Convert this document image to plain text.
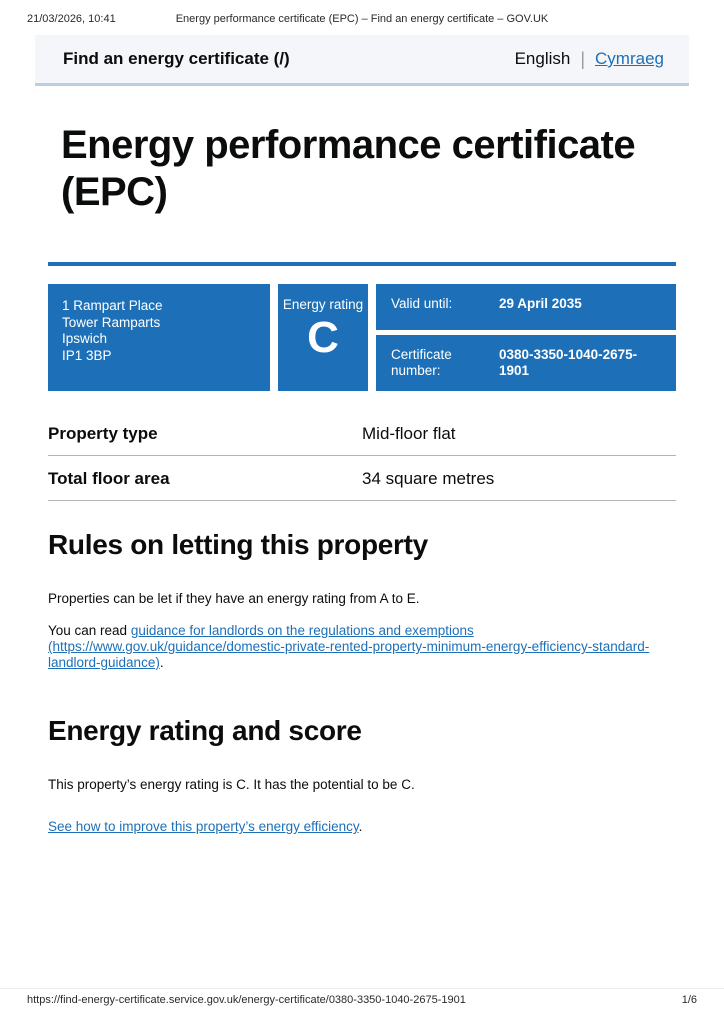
21/03/2026, 10:41	Energy performance certificate (EPC) – Find an energy certificate – GOV.UK
Find an energy certificate (/)	English | Cymraeg
Energy performance certificate (EPC)
1 Rampart Place
Tower Ramparts
Ipswich
IP1 3BP
Energy rating
C
Valid until:	29 April 2035
Certificate number:
0380-3350-1040-2675-1901
Property type	Mid-floor flat
Total floor area	34 square metres
Rules on letting this property

Properties can be let if they have an energy rating from A to E.

You can read guidance for landlords on the regulations and exemptions (https://www.gov.uk/guidance/domestic-private-rented-property-minimum-energy-efficiency-standard-landlord-guidance).

Energy rating and score

This property’s energy rating is C. It has the potential to be C.

See how to improve this property’s energy efficiency.

https://find-energy-certificate.service.gov.uk/energy-certificate/0380-3350-1040-2675-1901	1/6
